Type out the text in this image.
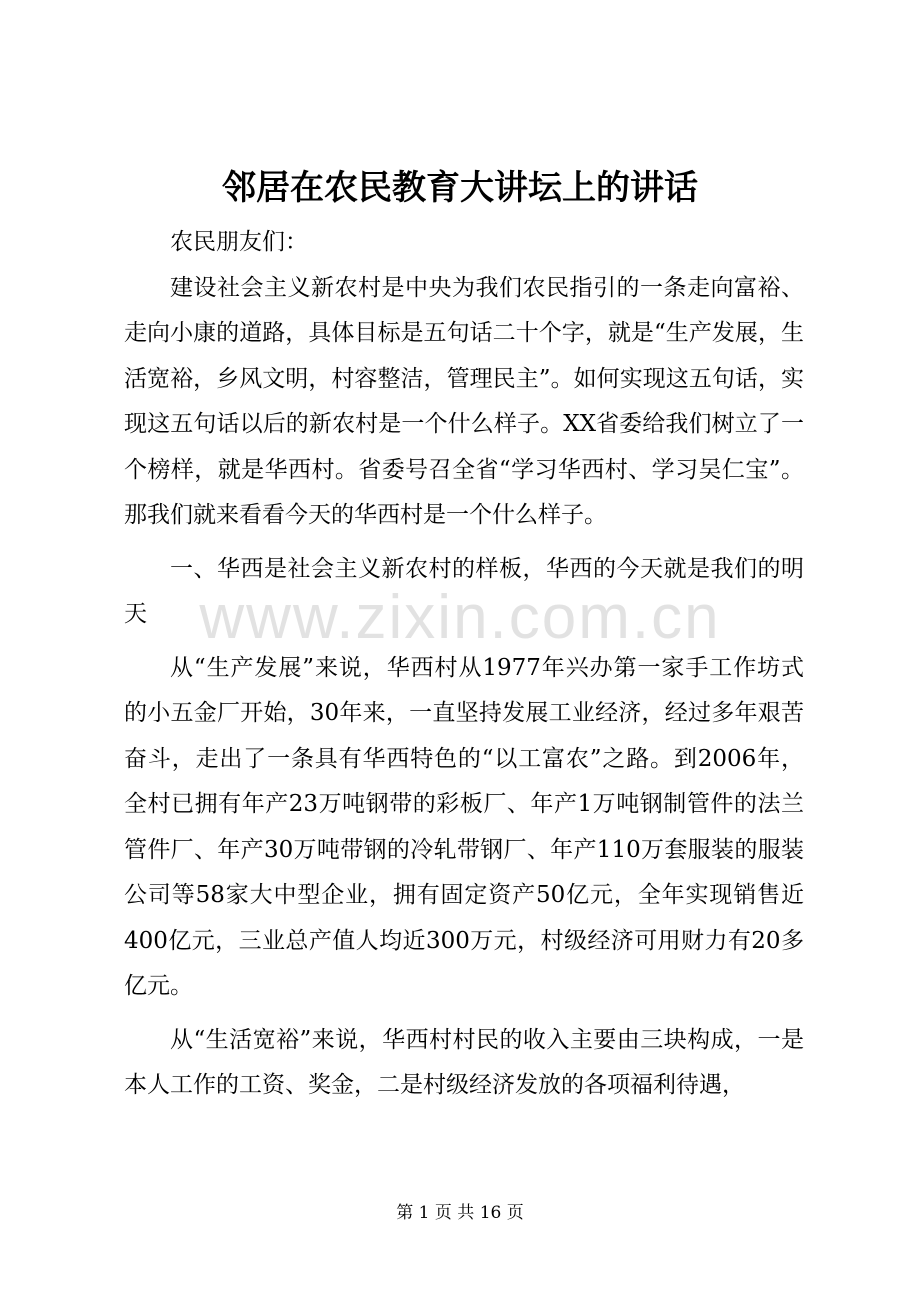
邻居在农民教育大讲坛上的讲话

农民朋友们：

建设社会主义新农村是中央为我们农民指引的一条走向富裕、走向小康的道路，具体目标是五句话二十个字，就是“生产发展，生活宽裕，乡风文明，村容整洁，管理民主”。如何实现这五句话，实现这五句话以后的新农村是一个什么样子。XX省委给我们树立了一个榜样，就是华西村。省委号召全省“学习华西村、学习吴仁宝”。那我们就来看看今天的华西村是一个什么样子。

一、华西是社会主义新农村的样板，华西的今天就是我们的明天

从“生产发展”来说，华西村从1977年兴办第一家手工作坊式的小五金厂开始，30年来，一直坚持发展工业经济，经过多年艰苦奋斗，走出了一条具有华西特色的“以工富农”之路。到2006年，全村已拥有年产23万吨钢带的彩板厂、年产1万吨钢制管件的法兰管件厂、年产30万吨带钢的冷轧带钢厂、年产110万套服装的服装公司等58家大中型企业，拥有固定资产50亿元，全年实现销售近400亿元，三业总产值人均近300万元，村级经济可用财力有20多亿元。

从“生活宽裕”来说，华西村村民的收入主要由三块构成，一是本人工作的工资、奖金，二是村级经济发放的各项福利待遇，

www.zixin.com.cn
第 1 页 共 16 页
